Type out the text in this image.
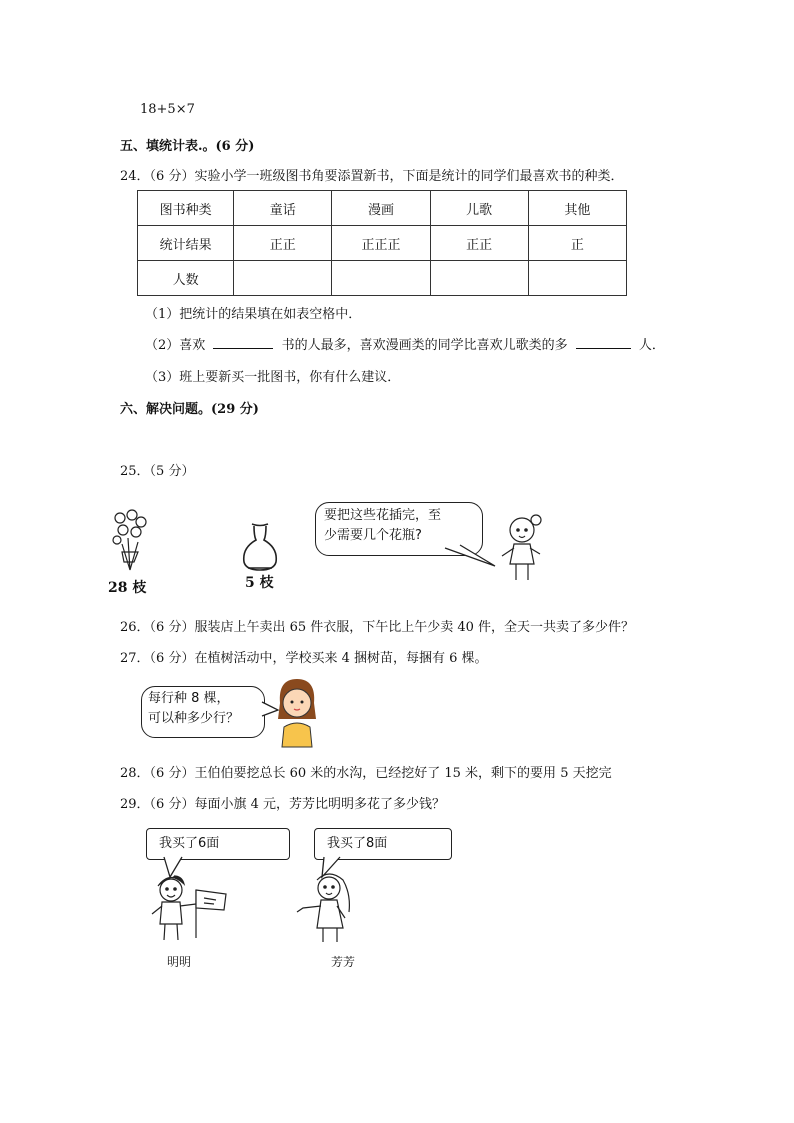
18+5×7
五、填统计表.。(6 分)
24．（6 分）实验小学一班级图书角要添置新书，下面是统计的同学们最喜欢书的种类．
图书种类	童话	漫画	儿歌	其他
统计结果	正正	正正正	正正	正
人数				
（1）把统计的结果填在如表空格中．
（2）喜欢	书的人最多，喜欢漫画类的同学比喜欢儿歌类的多	人．
（3）班上要新买一批图书，你有什么建议．
六、解决问题。(29 分)
25．（5 分）
28 枝	5 枝
要把这些花插完，至
少需要几个花瓶?
26．（6 分）服装店上午卖出 65 件衣服，下午比上午少卖 40 件，全天一共卖了多少件？
27．（6 分）在植树活动中，学校买来 4 捆树苗，每捆有 6 棵。
每行种 8 棵，
可以种多少行？
28．（6 分）王伯伯要挖总长 60 米的水沟，已经挖好了 15 米，剩下的要用 5 天挖完
29．（6 分）每面小旗 4 元，芳芳比明明多花了多少钱？
我买了6面	我买了8面
明明	芳芳
